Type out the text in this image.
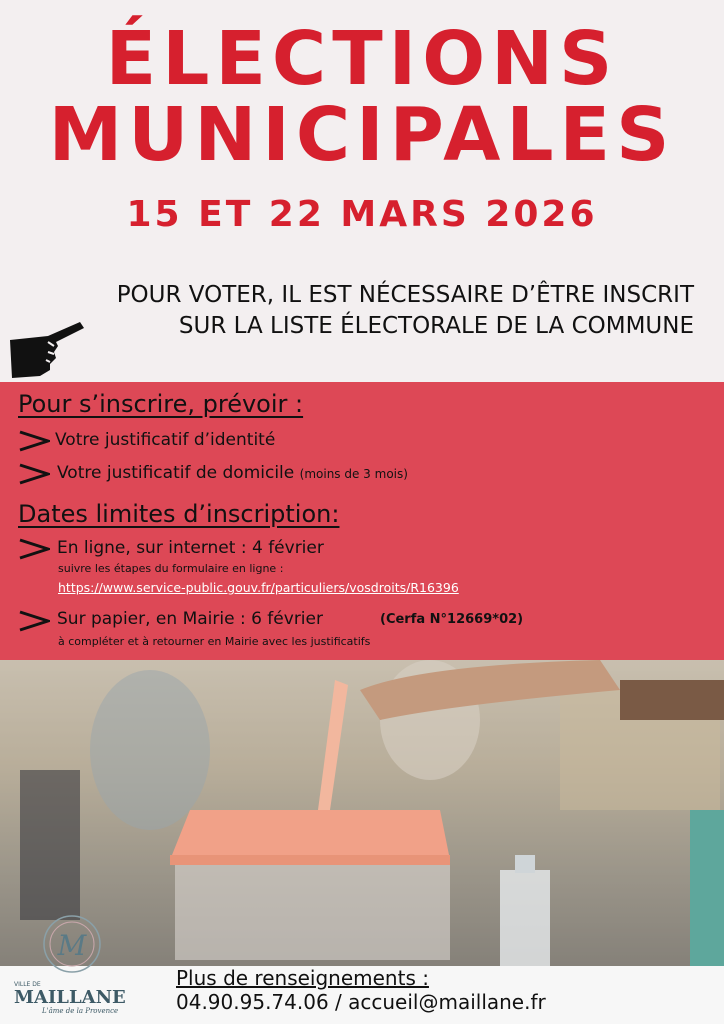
ÉLECTIONS
MUNICIPALES
15 ET 22 MARS 2026
POUR VOTER, IL EST NÉCESSAIRE D’ÊTRE INSCRIT
SUR LA LISTE ÉLECTORALE DE LA COMMUNE
Pour s’inscrire, prévoir :
Votre justificatif d’identité
Votre justificatif de domicile (moins de 3 mois)
Dates limites d’inscription:
En ligne, sur internet : 4 février
suivre les étapes du formulaire en ligne :
https://www.service-public.gouv.fr/particuliers/vosdroits/R16396
Sur papier, en Mairie : 6 février	(Cerfa N°12669*02)
à compléter et à retourner en Mairie avec les justificatifs
Plus de renseignements :
04.90.95.74.06 / accueil@maillane.fr
M
VILLE DE
MAILLANE
L'âme de la Provence
